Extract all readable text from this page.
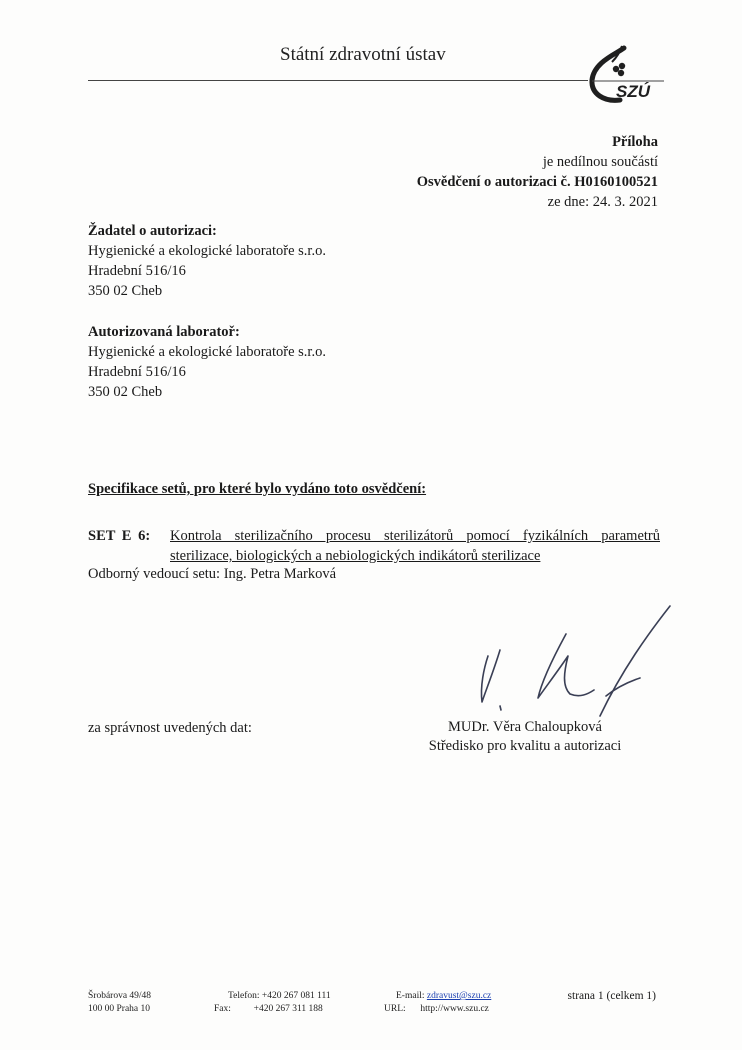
Státní zdravotní ústav
SZÚ
Příloha
je nedílnou součástí
Osvědčení o autorizaci č. H0160100521
ze dne: 24. 3. 2021
Žadatel o autorizaci:
Hygienické a ekologické laboratoře s.r.o.
Hradební 516/16
350 02 Cheb
Autorizovaná laboratoř:
Hygienické a ekologické laboratoře s.r.o.
Hradební 516/16
350 02 Cheb
Specifikace setů, pro které bylo vydáno toto osvědčení:
SET E 6: Kontrola sterilizačního procesu sterilizátorů pomocí fyzikálních parametrů
sterilizace, biologických a nebiologických indikátorů sterilizace
Odborný vedoucí setu: Ing. Petra Marková
za správnost uvedených dat:	MUDr. Věra Chaloupková
Středisko pro kvalitu a autorizaci
Šrobárova 49/48
100 00 Praha 10
Telefon: +420 267 081 111
Fax: +420 267 311 188
E-mail: zdravust@szu.cz
URL: http://www.szu.cz
strana 1 (celkem 1)
